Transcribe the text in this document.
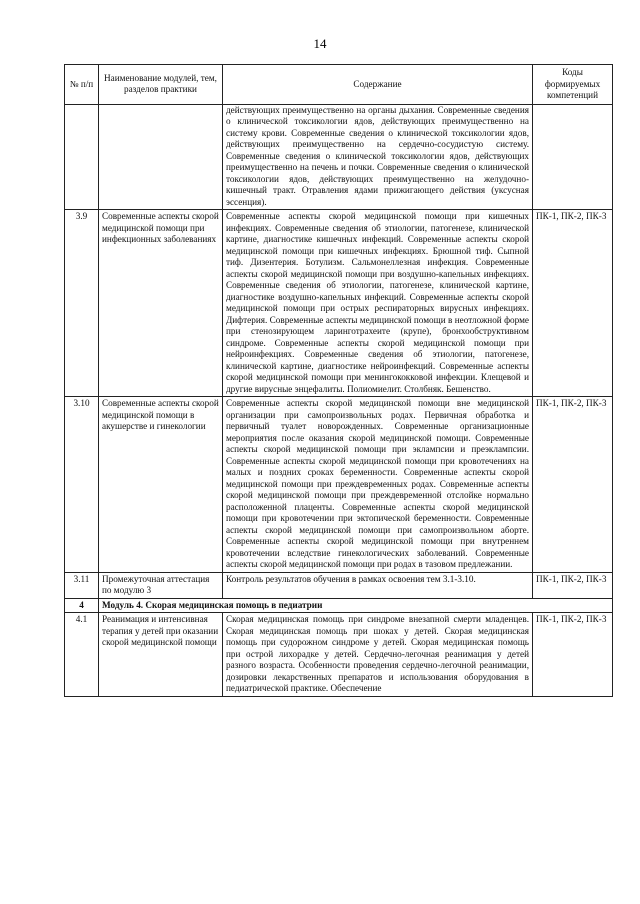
14
№ п/п	Наименование модулей, тем, разделов практики	Содержание	Коды формируемых компетенций
		действующих преимущественно на органы дыхания. Современные сведения о клинической токсикологии ядов, действующих преимущественно на систему крови. Современные сведения о клинической токсикологии ядов, действующих преимущественно на сердечно-сосудистую систему. Современные сведения о клинической токсикологии ядов, действующих преимущественно на печень и почки. Современные сведения о клинической токсикологии ядов, действующих преимущественно на желудочно-кишечный тракт. Отравления ядами прижигающего действия (уксусная эссенция).	
3.9	Современные аспекты скорой медицинской помощи при инфекционных заболеваниях	Современные аспекты скорой медицинской помощи при кишечных инфекциях. Современные сведения об этиологии, патогенезе, клинической картине, диагностике кишечных инфекций. Современные аспекты скорой медицинской помощи при кишечных инфекциях. Брюшной тиф. Сыпной тиф. Дизентерия. Ботулизм. Сальмонеллезная инфекция. Современные аспекты скорой медицинской помощи при воздушно-капельных инфекциях. Современные сведения об этиологии, патогенезе, клинической картине, диагностике воздушно-капельных инфекций. Современные аспекты скорой медицинской помощи при острых респираторных вирусных инфекциях. Дифтерия. Современные аспекты медицинской помощи в неотложной форме при стенозирующем ларинготрахеите (крупе), бронхообструктивном синдроме. Современные аспекты скорой медицинской помощи при нейроинфекциях. Современные сведения об этиологии, патогенезе, клинической картине, диагностике нейроинфекций. Современные аспекты скорой медицинской помощи при менингококковой инфекции. Клещевой и другие вирусные энцефалиты. Полиомиелит. Столбняк. Бешенство.	ПК-1, ПК-2, ПК-3
3.10	Современные аспекты скорой медицинской помощи в акушерстве и гинекологии	Современные аспекты скорой медицинской помощи вне медицинской организации при самопроизвольных родах. Первичная обработка и первичный туалет новорожденных. Современные организационные мероприятия после оказания скорой медицинской помощи. Современные аспекты скорой медицинской помощи при эклампсии и преэклампсии. Современные аспекты скорой медицинской помощи при кровотечениях на малых и поздних сроках беременности. Современные аспекты скорой медицинской помощи при преждевременных родах. Современные аспекты скорой медицинской помощи при преждевременной отслойке нормально расположенной плаценты. Современные аспекты скорой медицинской помощи при кровотечении при эктопической беременности. Современные аспекты скорой медицинской помощи при самопроизвольном аборте. Современные аспекты скорой медицинской помощи при внутреннем кровотечении вследствие гинекологических заболеваний. Современные аспекты скорой медицинской помощи при родах в тазовом предлежании.	ПК-1, ПК-2, ПК-3
3.11	Промежуточная аттестация по модулю 3	Контроль результатов обучения в рамках освоения тем 3.1-3.10.	ПК-1, ПК-2, ПК-3
4	Модуль 4. Скорая медицинская помощь в педиатрии		
4.1	Реанимация и интенсивная терапия у детей при оказании скорой медицинской помощи	Скорая медицинская помощь при синдроме внезапной смерти младенцев. Скорая медицинская помощь при шоках у детей. Скорая медицинская помощь при судорожном синдроме у детей. Скорая медицинская помощь при острой лихорадке у детей. Сердечно-легочная реанимация у детей разного возраста. Особенности проведения сердечно-легочной реанимации, дозировки лекарственных препаратов и использования оборудования в педиатрической практике. Обеспечение	ПК-1, ПК-2, ПК-3
